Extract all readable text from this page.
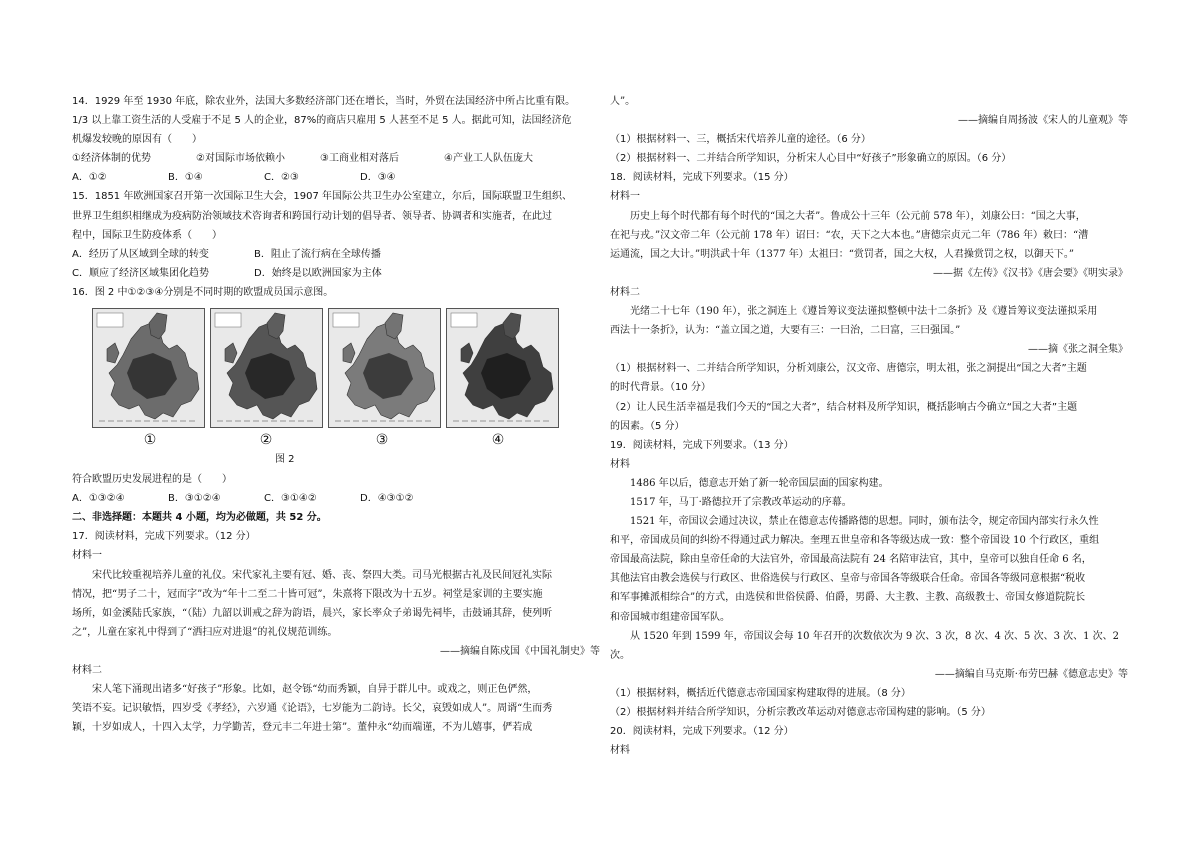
14．1929 年至 1930 年底，除农业外，法国大多数经济部门还在增长，当时，外贸在法国经济中所占比重有限。
1/3 以上靠工资生活的人受雇于不足 5 人的企业，87%的商店只雇用 5 人甚至不足 5 人。据此可知，法国经济危
机爆发较晚的原因有（　　）
①经济体制的优势	②对国际市场依赖小	③工商业相对落后	④产业工人队伍庞大
A．①②	B．①④	C．②③	D．③④
15．1851 年欧洲国家召开第一次国际卫生大会，1907 年国际公共卫生办公室建立，尔后，国际联盟卫生组织、
世界卫生组织相继成为疫病防治领域技术咨询者和跨国行动计划的倡导者、领导者、协调者和实施者，在此过
程中，国际卫生防疫体系（　　）
A．经历了从区域到全球的转变	B．阻止了流行病在全球传播
C．顺应了经济区域集团化趋势	D．始终是以欧洲国家为主体
16．图 2 中①②③④分别是不同时期的欧盟成员国示意图。
①	②	③	④
图 2
符合欧盟历史发展进程的是（　　）
A．①③②④	B．③①②④	C．③①④②	D．④③①②
二、非选择题：本题共 4 小题，均为必做题，共 52 分。
17．阅读材料，完成下列要求。（12 分）
材料一
宋代比较重视培养儿童的礼仪。宋代家礼主要有冠、婚、丧、祭四大类。司马光根据古礼及民间冠礼实际
情况，把“男子二十，冠而字”改为“年十二至二十皆可冠”，朱熹将下限改为十五岁。祠堂是家训的主要实施
场所，如金溪陆氏家族，“（陆）九韶以训戒之辞为韵语，晨兴，家长率众子弟谒先祠毕，击鼓诵其辞，使列听
之”，儿童在家礼中得到了“洒扫应对进退”的礼仪规范训练。
——摘编自陈戍国《中国礼制史》等
材料二
宋人笔下涌现出诸多“好孩子”形象。比如，赵令铄“幼而秀颖，自异于群儿中。或戏之，则正色俨然，
笑语不妄。记识敏悟，四岁受《孝经》，六岁通《论语》，七岁能为二韵诗。长父，哀毁如成人”。周谞“生而秀
颖，十岁如成人，十四入太学，力学勤苦，登元丰二年进士第”。董仲永“幼而端谨，不为儿嬉事，俨若成
人”。
——摘编自周扬波《宋人的儿童观》等
（1）根据材料一、三，概括宋代培养儿童的途径。（6 分）
（2）根据材料一、二并结合所学知识，分析宋人心目中“好孩子”形象确立的原因。（6 分）
18．阅读材料，完成下列要求。（15 分）
材料一
历史上每个时代都有每个时代的“国之大者”。鲁成公十三年（公元前 578 年），刘康公曰：“国之大事，
在祀与戎。”汉文帝二年（公元前 178 年）诏曰：“农，天下之大本也。”唐德宗贞元二年（786 年）敕曰：“漕
运通流，国之大计。”明洪武十年（1377 年）太祖曰：“赏罚者，国之大权，人君操赏罚之权，以御天下。”
——据《左传》《汉书》《唐会要》《明实录》
材料二
光绪二十七年（190 年），张之洞连上《遵旨筹议变法谨拟整顿中法十二条折》及《遵旨筹议变法谨拟采用
西法十一条折》，认为：“盖立国之道，大要有三：一曰治，二曰富，三曰强国。”
——摘《张之洞全集》
（1）根据材料一、二并结合所学知识，分析刘康公，汉文帝、唐德宗，明太祖，张之洞提出“国之大者”主题
的时代背景。（10 分）
（2）让人民生活幸福是我们今天的“国之大者”，结合材料及所学知识，概括影响古今确立“国之大者”主题
的因素。（5 分）
19．阅读材料，完成下列要求。（13 分）
材料
1486 年以后，德意志开始了新一轮帝国层面的国家构建。
1517 年，马丁·路德拉开了宗教改革运动的序幕。
1521 年，帝国议会通过决议，禁止在德意志传播路德的思想。同时，颁布法令，规定帝国内部实行永久性
和平，帝国成员间的纠纷不得通过武力解决。奎理五世皇帝和各等级达成一致：整个帝国设 10 个行政区，重组
帝国最高法院，除由皇帝任命的大法官外，帝国最高法院有 24 名陪审法官，其中，皇帝可以独自任命 6 名，
其他法官由教会选侯与行政区、世俗选侯与行政区、皇帝与帝国各等级联合任命。帝国各等级同意根据“税收
和军事摊派相综合”的方式，由选侯和世俗侯爵、伯爵，男爵、大主教、主教、高级教士、帝国女修道院院长
和帝国城市组建帝国军队。
从 1520 年到 1599 年，帝国议会每 10 年召开的次数依次为 9 次、3 次，8 次、4 次、5 次、3 次、1 次、2
次。
——摘编自马克斯·布劳巴赫《德意志史》等
（1）根据材料，概括近代德意志帝国国家构建取得的进展。（8 分）
（2）根据材料并结合所学知识，分析宗教改革运动对德意志帝国构建的影响。（5 分）
20．阅读材料，完成下列要求。（12 分）
材料
